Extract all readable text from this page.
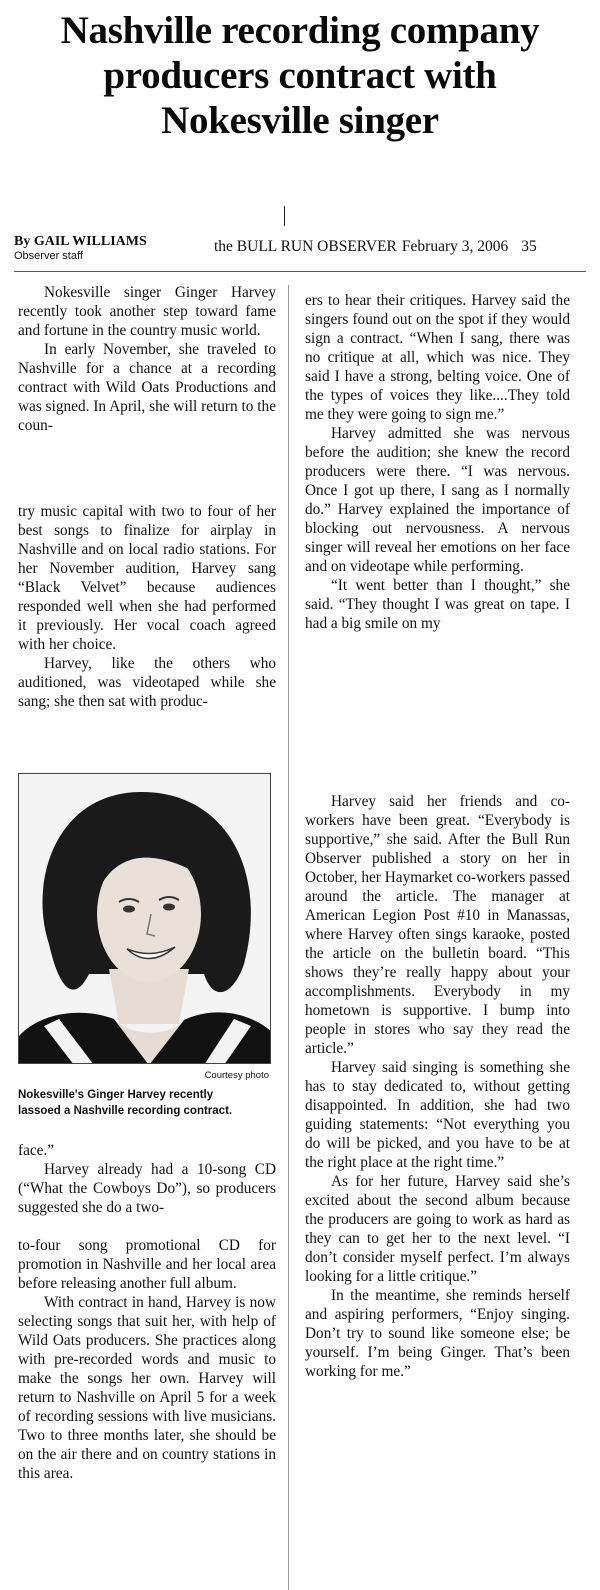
Nashville recording company
producers contract with
Nokesville singer
By GAIL WILLIAMS
Observer staff
the BULL RUN OBSERVER February 3, 2006 35

Nokesville singer Ginger Harvey recently took another step toward fame and fortune in the country music world.

In early November, she traveled to Nashville for a chance at a recording contract with Wild Oats Productions and was signed. In April, she will return to the coun-

try music capital with two to four of her best songs to finalize for airplay in Nashville and on local radio stations. For her November audition, Harvey sang “Black Velvet” because audiences responded well when she had performed it previously. Her vocal coach agreed with her choice.

Harvey, like the others who auditioned, was videotaped while she sang; she then sat with produc-

ers to hear their critiques. Harvey said the singers found out on the spot if they would sign a contract. “When I sang, there was no critique at all, which was nice. They said I have a strong, belting voice. One of the types of voices they like....They told me they were going to sign me.”

Harvey admitted she was nervous before the audition; she knew the record producers were there. “I was nervous. Once I got up there, I sang as I normally do.” Harvey explained the importance of blocking out nervousness. A nervous singer will reveal her emotions on her face and on videotape while performing.

“It went better than I thought,” she said. “They thought I was great on tape. I had a big smile on my

Courtesy photo
Nokesville's Ginger Harvey recently
lassoed a Nashville recording contract.

face.”

Harvey already had a 10-song CD (“What the Cowboys Do”), so producers suggested she do a two-

to-four song promotional CD for promotion in Nashville and her local area before releasing another full album.

With contract in hand, Harvey is now selecting songs that suit her, with help of Wild Oats producers. She practices along with pre-recorded words and music to make the songs her own. Harvey will return to Nashville on April 5 for a week of recording sessions with live musicians. Two to three months later, she should be on the air there and on country stations in this area.

Harvey said her friends and co-workers have been great. “Everybody is supportive,” she said. After the Bull Run Observer published a story on her in October, her Haymarket co-workers passed around the article. The manager at American Legion Post #10 in Manassas, where Harvey often sings karaoke, posted the article on the bulletin board. “This shows they’re really happy about your accomplishments. Everybody in my hometown is supportive. I bump into people in stores who say they read the article.”

Harvey said singing is something she has to stay dedicated to, without getting disappointed. In addition, she had two guiding statements: “Not everything you do will be picked, and you have to be at the right place at the right time.”

As for her future, Harvey said she’s excited about the second album because the producers are going to work as hard as they can to get her to the next level. “I don’t consider myself perfect. I’m always looking for a little critique.”

In the meantime, she reminds herself and aspiring performers, “Enjoy singing. Don’t try to sound like someone else; be yourself. I’m being Ginger. That’s been working for me.”
